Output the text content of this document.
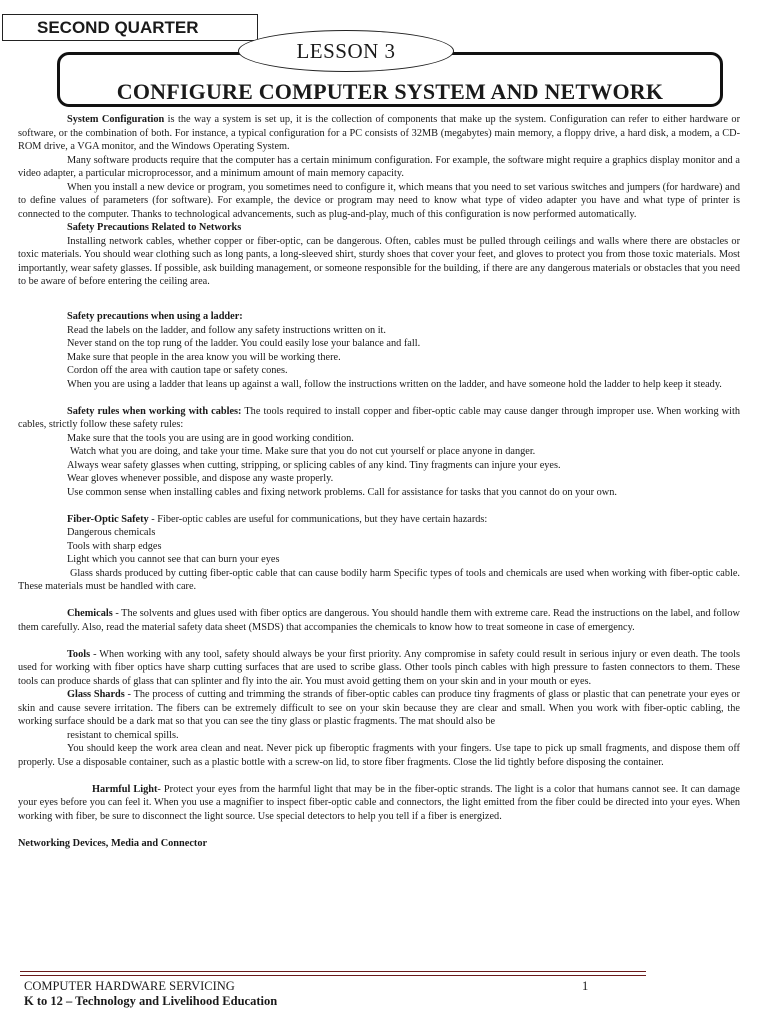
SECOND QUARTER
LESSON 3
CONFIGURE COMPUTER SYSTEM AND NETWORK

System Configuration is the way a system is set up, it is the collection of components that make up the system. Configuration can refer to either hardware or software, or the combination of both. For instance, a typical configuration for a PC consists of 32MB (megabytes) main memory, a floppy drive, a hard disk, a modem, a CD-ROM drive, a VGA monitor, and the Windows Operating System.

Many software products require that the computer has a certain minimum configuration. For example, the software might require a graphics display monitor and a video adapter, a particular microprocessor, and a minimum amount of main memory capacity.

When you install a new device or program, you sometimes need to configure it, which means that you need to set various switches and jumpers (for hardware) and to define values of parameters (for software). For example, the device or program may need to know what type of video adapter you have and what type of printer is connected to the computer. Thanks to technological advancements, such as plug-and-play, much of this configuration is now performed automatically.

Safety Precautions Related to Networks

Installing network cables, whether copper or fiber-optic, can be dangerous. Often, cables must be pulled through ceilings and walls where there are obstacles or toxic materials. You should wear clothing such as long pants, a long-sleeved shirt, sturdy shoes that cover your feet, and gloves to protect you from those toxic materials. Most importantly, wear safety glasses. If possible, ask building management, or someone responsible for the building, if there are any dangerous materials or obstacles that you need to be aware of before entering the ceiling area.

Safety precautions when using a ladder:

Read the labels on the ladder, and follow any safety instructions written on it.

Never stand on the top rung of the ladder. You could easily lose your balance and fall.

Make sure that people in the area know you will be working there.

Cordon off the area with caution tape or safety cones.

When you are using a ladder that leans up against a wall, follow the instructions written on the ladder, and have someone hold the ladder to help keep it steady.

Safety rules when working with cables: The tools required to install copper and fiber-optic cable may cause danger through improper use. When working with cables, strictly follow these safety rules:

Make sure that the tools you are using are in good working condition.

Watch what you are doing, and take your time. Make sure that you do not cut yourself or place anyone in danger.

Always wear safety glasses when cutting, stripping, or splicing cables of any kind. Tiny fragments can injure your eyes.

Wear gloves whenever possible, and dispose any waste properly.

Use common sense when installing cables and fixing network problems. Call for assistance for tasks that you cannot do on your own.

Fiber-Optic Safety - Fiber-optic cables are useful for communications, but they have certain hazards:

Dangerous chemicals

Tools with sharp edges

Light which you cannot see that can burn your eyes

Glass shards produced by cutting fiber-optic cable that can cause bodily harm Specific types of tools and chemicals are used when working with fiber-optic cable. These materials must be handled with care.

Chemicals - The solvents and glues used with fiber optics are dangerous. You should handle them with extreme care. Read the instructions on the label, and follow them carefully. Also, read the material safety data sheet (MSDS) that accompanies the chemicals to know how to treat someone in case of emergency.

Tools - When working with any tool, safety should always be your first priority. Any compromise in safety could result in serious injury or even death. The tools used for working with fiber optics have sharp cutting surfaces that are used to scribe glass. Other tools pinch cables with high pressure to fasten connectors to them. These tools can produce shards of glass that can splinter and fly into the air. You must avoid getting them on your skin and in your mouth or eyes.

Glass Shards - The process of cutting and trimming the strands of fiber-optic cables can produce tiny fragments of glass or plastic that can penetrate your eyes or skin and cause severe irritation. The fibers can be extremely difficult to see on your skin because they are clear and small. When you work with fiber-optic cabling, the working surface should be a dark mat so that you can see the tiny glass or plastic fragments. The mat should also be

resistant to chemical spills.

You should keep the work area clean and neat. Never pick up fiberoptic fragments with your fingers. Use tape to pick up small fragments, and dispose them off properly. Use a disposable container, such as a plastic bottle with a screw-on lid, to store fiber fragments. Close the lid tightly before disposing the container.

Harmful Light- Protect your eyes from the harmful light that may be in the fiber-optic strands. The light is a color that humans cannot see. It can damage your eyes before you can feel it. When you use a magnifier to inspect fiber-optic cable and connectors, the light emitted from the fiber could be directed into your eyes. When working with fiber, be sure to disconnect the light source. Use special detectors to help you tell if a fiber is energized.

Networking Devices, Media and Connector

COMPUTER HARDWARE SERVICING	1
K to 12 – Technology and Livelihood Education
